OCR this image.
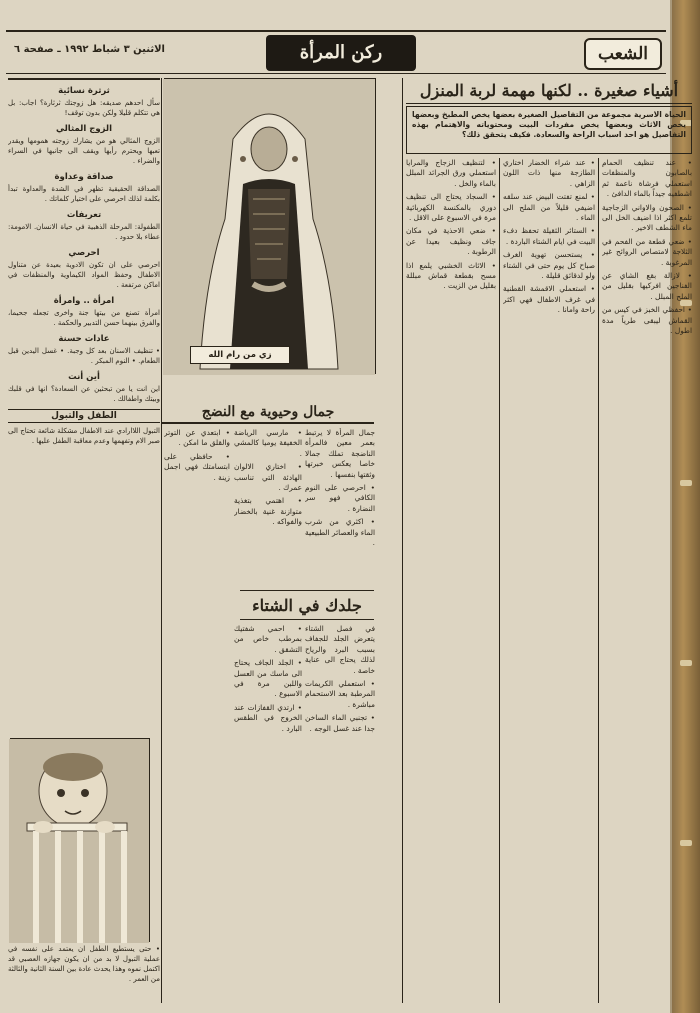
الشعب
ركن المرأة
الاثنين ٣ شباط ١٩٩٢ ـ صفحة ٦
أشياء صغيرة .. لكنها مهمة لربة المنزل
الحياة الاسرية مجموعة من التفاصيل الصغيرة بعضها يخص المطبخ وبعضها يخص الاثاث وبعضها يخص مفردات البيت ومحتوياته والاهتمام بهذه التفاصيل هو احد اسباب الراحة والسعادة. فكيف يتحقق ذلك؟

• عند تنظيف الحمام بالصابون والمنظفات استعملي فرشاة ناعمة ثم اشطفيه جيداً بالماء الدافئ .

• الصحون والاواني الزجاجية تلمع اكثر اذا اضيف الخل الى ماء الشطف الاخير .

• ضعي قطعة من الفحم في الثلاجة لامتصاص الروائح غير المرغوبة .

• لازالة بقع الشاي عن الفناجين افركيها بقليل من الملح المبلل .

• احفظي الخبز في كيس من القماش ليبقى طرياً مدة اطول .

• عند شراء الخضار اختاري الطازجة منها ذات اللون الزاهي .

• لمنع تفتت البيض عند سلقه اضيفي قليلاً من الملح الى الماء .

• الستائر الثقيلة تحفظ دفء البيت في ايام الشتاء الباردة .

• يستحسن تهوية الغرف صباح كل يوم حتى في الشتاء ولو لدقائق قليلة .

• استعملي الاقمشة القطنية في غرف الاطفال فهي اكثر راحة وامانا .

• لتنظيف الزجاج والمرايا استعملي ورق الجرائد المبلل بالماء والخل .

• السجاد يحتاج الى تنظيف دوري بالمكنسة الكهربائية مرة في الاسبوع على الاقل .

• ضعي الاحذية في مكان جاف ونظيف بعيدا عن الرطوبة .

• الاثاث الخشبي يلمع اذا مسح بقطعة قماش مبللة بقليل من الزيت .

زي من رام الله
جمال وحيوية مع النضج

جمال المرأة لا يرتبط بعمر معين فالمرأة الناضجة تملك جمالا خاصا يعكس خبرتها وثقتها بنفسها .

• احرصي على النوم الكافي فهو سر النضارة .

• اكثري من شرب الماء والعصائر الطبيعية .

• مارسي الرياضة الخفيفة يوميا كالمشي .

• اختاري الالوان الهادئة التي تناسب عمرك .

• اهتمي بتغذية متوازنة غنية بالخضار والفواكه .

• ابتعدي عن التوتر والقلق ما امكن .

• حافظي على ابتسامتك فهي اجمل زينة .

جلدك في الشتاء

في فصل الشتاء يتعرض الجلد للجفاف بسبب البرد والرياح لذلك يحتاج الى عناية خاصة .

• استعملي الكريمات المرطبة بعد الاستحمام مباشرة .

• تجنبي الماء الساخن جدا عند غسل الوجه .

• احمي شفتيك بمرطب خاص من التشقق .

• الجلد الجاف يحتاج الى ماسك من العسل واللبن مرة في الاسبوع .

• ارتدي القفازات عند الخروج في الطقس البارد .

ثرثرة نسائية

سأل احدهم صديقه: هل زوجتك ثرثارة؟ اجاب: بل هي تتكلم قليلا ولكن بدون توقف!

الزوج المثالي

الزوج المثالي هو من يشارك زوجته همومها ويقدر تعبها ويحترم رأيها ويقف الى جانبها في السراء والضراء .

صداقة وعداوة

الصداقة الحقيقية تظهر في الشدة والعداوة تبدأ بكلمة لذلك احرصي على اختيار كلماتك .

تعريفات

الطفولة: المرحلة الذهبية في حياة الانسان. الامومة: عطاء بلا حدود .

احرصي

احرصي على ان تكون الادوية بعيدة عن متناول الاطفال وحفظ المواد الكيماوية والمنظفات في اماكن مرتفعة .

امرأة .. وامرأة

امرأة تصنع من بيتها جنة واخرى تجعله جحيما، والفرق بينهما حسن التدبير والحكمة .

عادات حسنة

• تنظيف الاسنان بعد كل وجبة. • غسل اليدين قبل الطعام. • النوم المبكر .

أين أنت

اين انت يا من تبحثين عن السعادة؟ انها في قلبك وبيتك واطفالك .

الطفل والتبول

التبول اللاارادي عند الاطفال مشكلة شائعة تحتاج الى صبر الام وتفهمها وعدم معاقبة الطفل عليها .

• حتى يستطيع الطفل ان يعتمد على نفسه في عملية التبول لا بد من ان يكون جهازه العصبي قد اكتمل نموه وهذا يحدث عادة بين السنة الثانية والثالثة من العمر .
